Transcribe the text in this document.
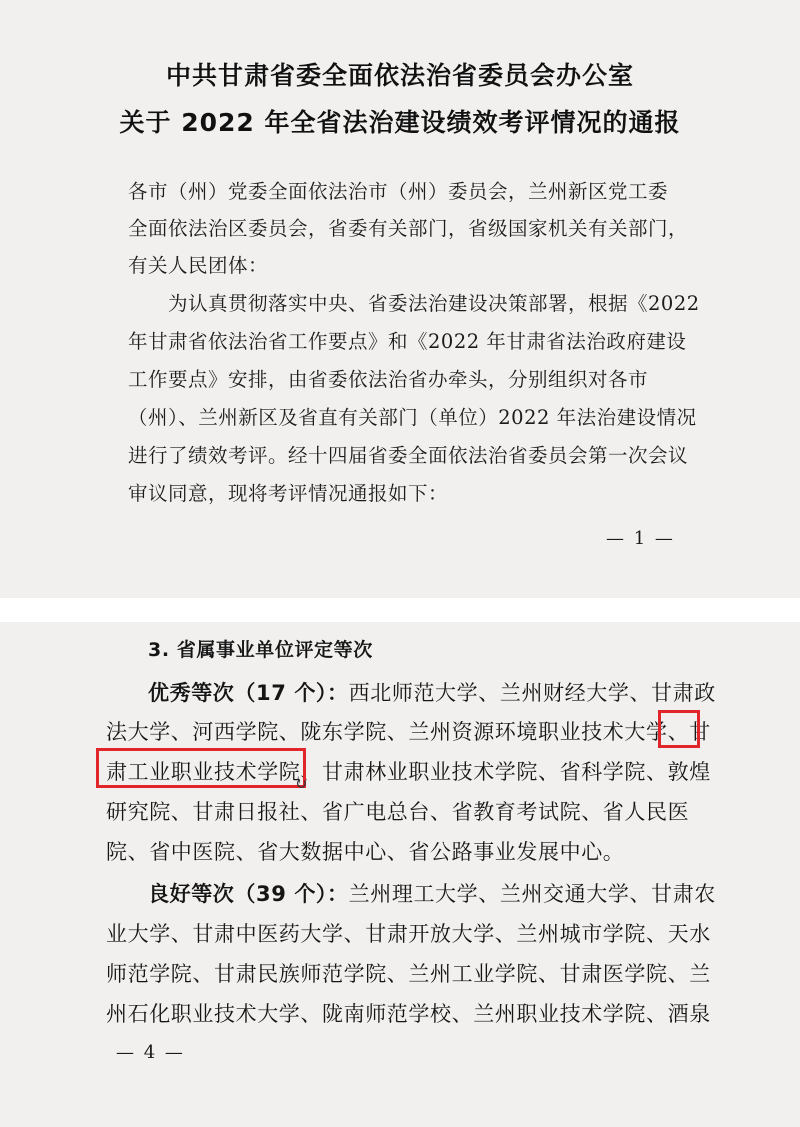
中共甘肃省委全面依法治省委员会办公室
关于 2022 年全省法治建设绩效考评情况的通报
各市（州）党委全面依法治市（州）委员会，兰州新区党工委
全面依法治区委员会，省委有关部门，省级国家机关有关部门，
有关人民团体：
为认真贯彻落实中央、省委法治建设决策部署，根据《2022
年甘肃省依法治省工作要点》和《2022 年甘肃省法治政府建设
工作要点》安排，由省委依法治省办牵头，分别组织对各市
（州）、兰州新区及省直有关部门（单位）2022 年法治建设情况
进行了绩效考评。经十四届省委全面依法治省委员会第一次会议
审议同意，现将考评情况通报如下：
— 1 —
3. 省属事业单位评定等次
优秀等次（17 个）：西北师范大学、兰州财经大学、甘肃政
法大学、河西学院、陇东学院、兰州资源环境职业技术大学、甘
肃工业职业技术学院、甘肃林业职业技术学院、省科学院、敦煌
↻
研究院、甘肃日报社、省广电总台、省教育考试院、省人民医
院、省中医院、省大数据中心、省公路事业发展中心。
良好等次（39 个）：兰州理工大学、兰州交通大学、甘肃农
业大学、甘肃中医药大学、甘肃开放大学、兰州城市学院、天水
师范学院、甘肃民族师范学院、兰州工业学院、甘肃医学院、兰
州石化职业技术大学、陇南师范学校、兰州职业技术学院、酒泉
— 4 —
